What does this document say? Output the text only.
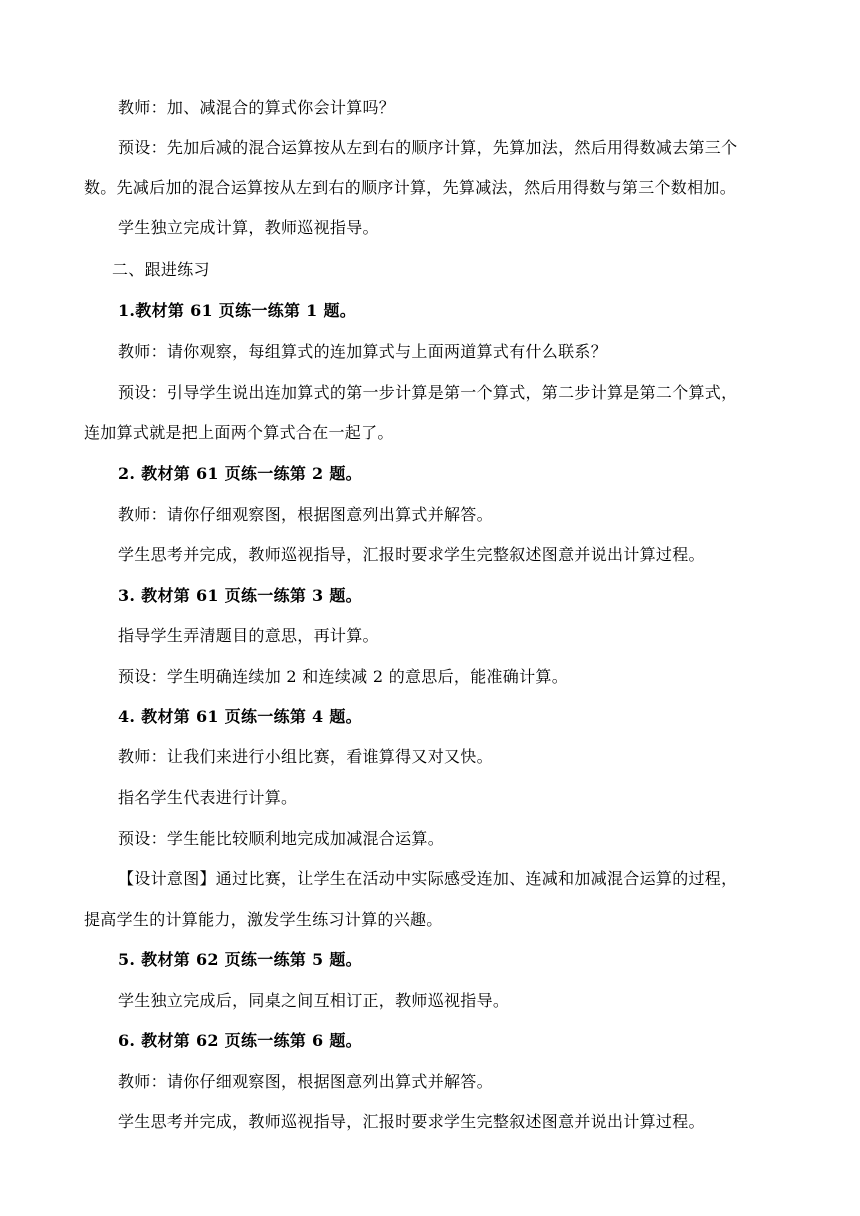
教师：加、减混合的算式你会计算吗？
预设：先加后减的混合运算按从左到右的顺序计算，先算加法，然后用得数减去第三个
数。先减后加的混合运算按从左到右的顺序计算，先算减法，然后用得数与第三个数相加。
学生独立完成计算，教师巡视指导。
二、跟进练习
1.教材第 61 页练一练第 1 题。
教师：请你观察，每组算式的连加算式与上面两道算式有什么联系？
预设：引导学生说出连加算式的第一步计算是第一个算式，第二步计算是第二个算式，
连加算式就是把上面两个算式合在一起了。
2. 教材第 61 页练一练第 2 题。
教师：请你仔细观察图，根据图意列出算式并解答。
学生思考并完成，教师巡视指导，汇报时要求学生完整叙述图意并说出计算过程。
3. 教材第 61 页练一练第 3 题。
指导学生弄清题目的意思，再计算。
预设：学生明确连续加 2 和连续减 2 的意思后，能准确计算。
4. 教材第 61 页练一练第 4 题。
教师：让我们来进行小组比赛，看谁算得又对又快。
指名学生代表进行计算。
预设：学生能比较顺利地完成加减混合运算。
【设计意图】通过比赛，让学生在活动中实际感受连加、连减和加减混合运算的过程，
提高学生的计算能力，激发学生练习计算的兴趣。
5. 教材第 62 页练一练第 5 题。
学生独立完成后，同桌之间互相订正，教师巡视指导。
6. 教材第 62 页练一练第 6 题。
教师：请你仔细观察图，根据图意列出算式并解答。
学生思考并完成，教师巡视指导，汇报时要求学生完整叙述图意并说出计算过程。
